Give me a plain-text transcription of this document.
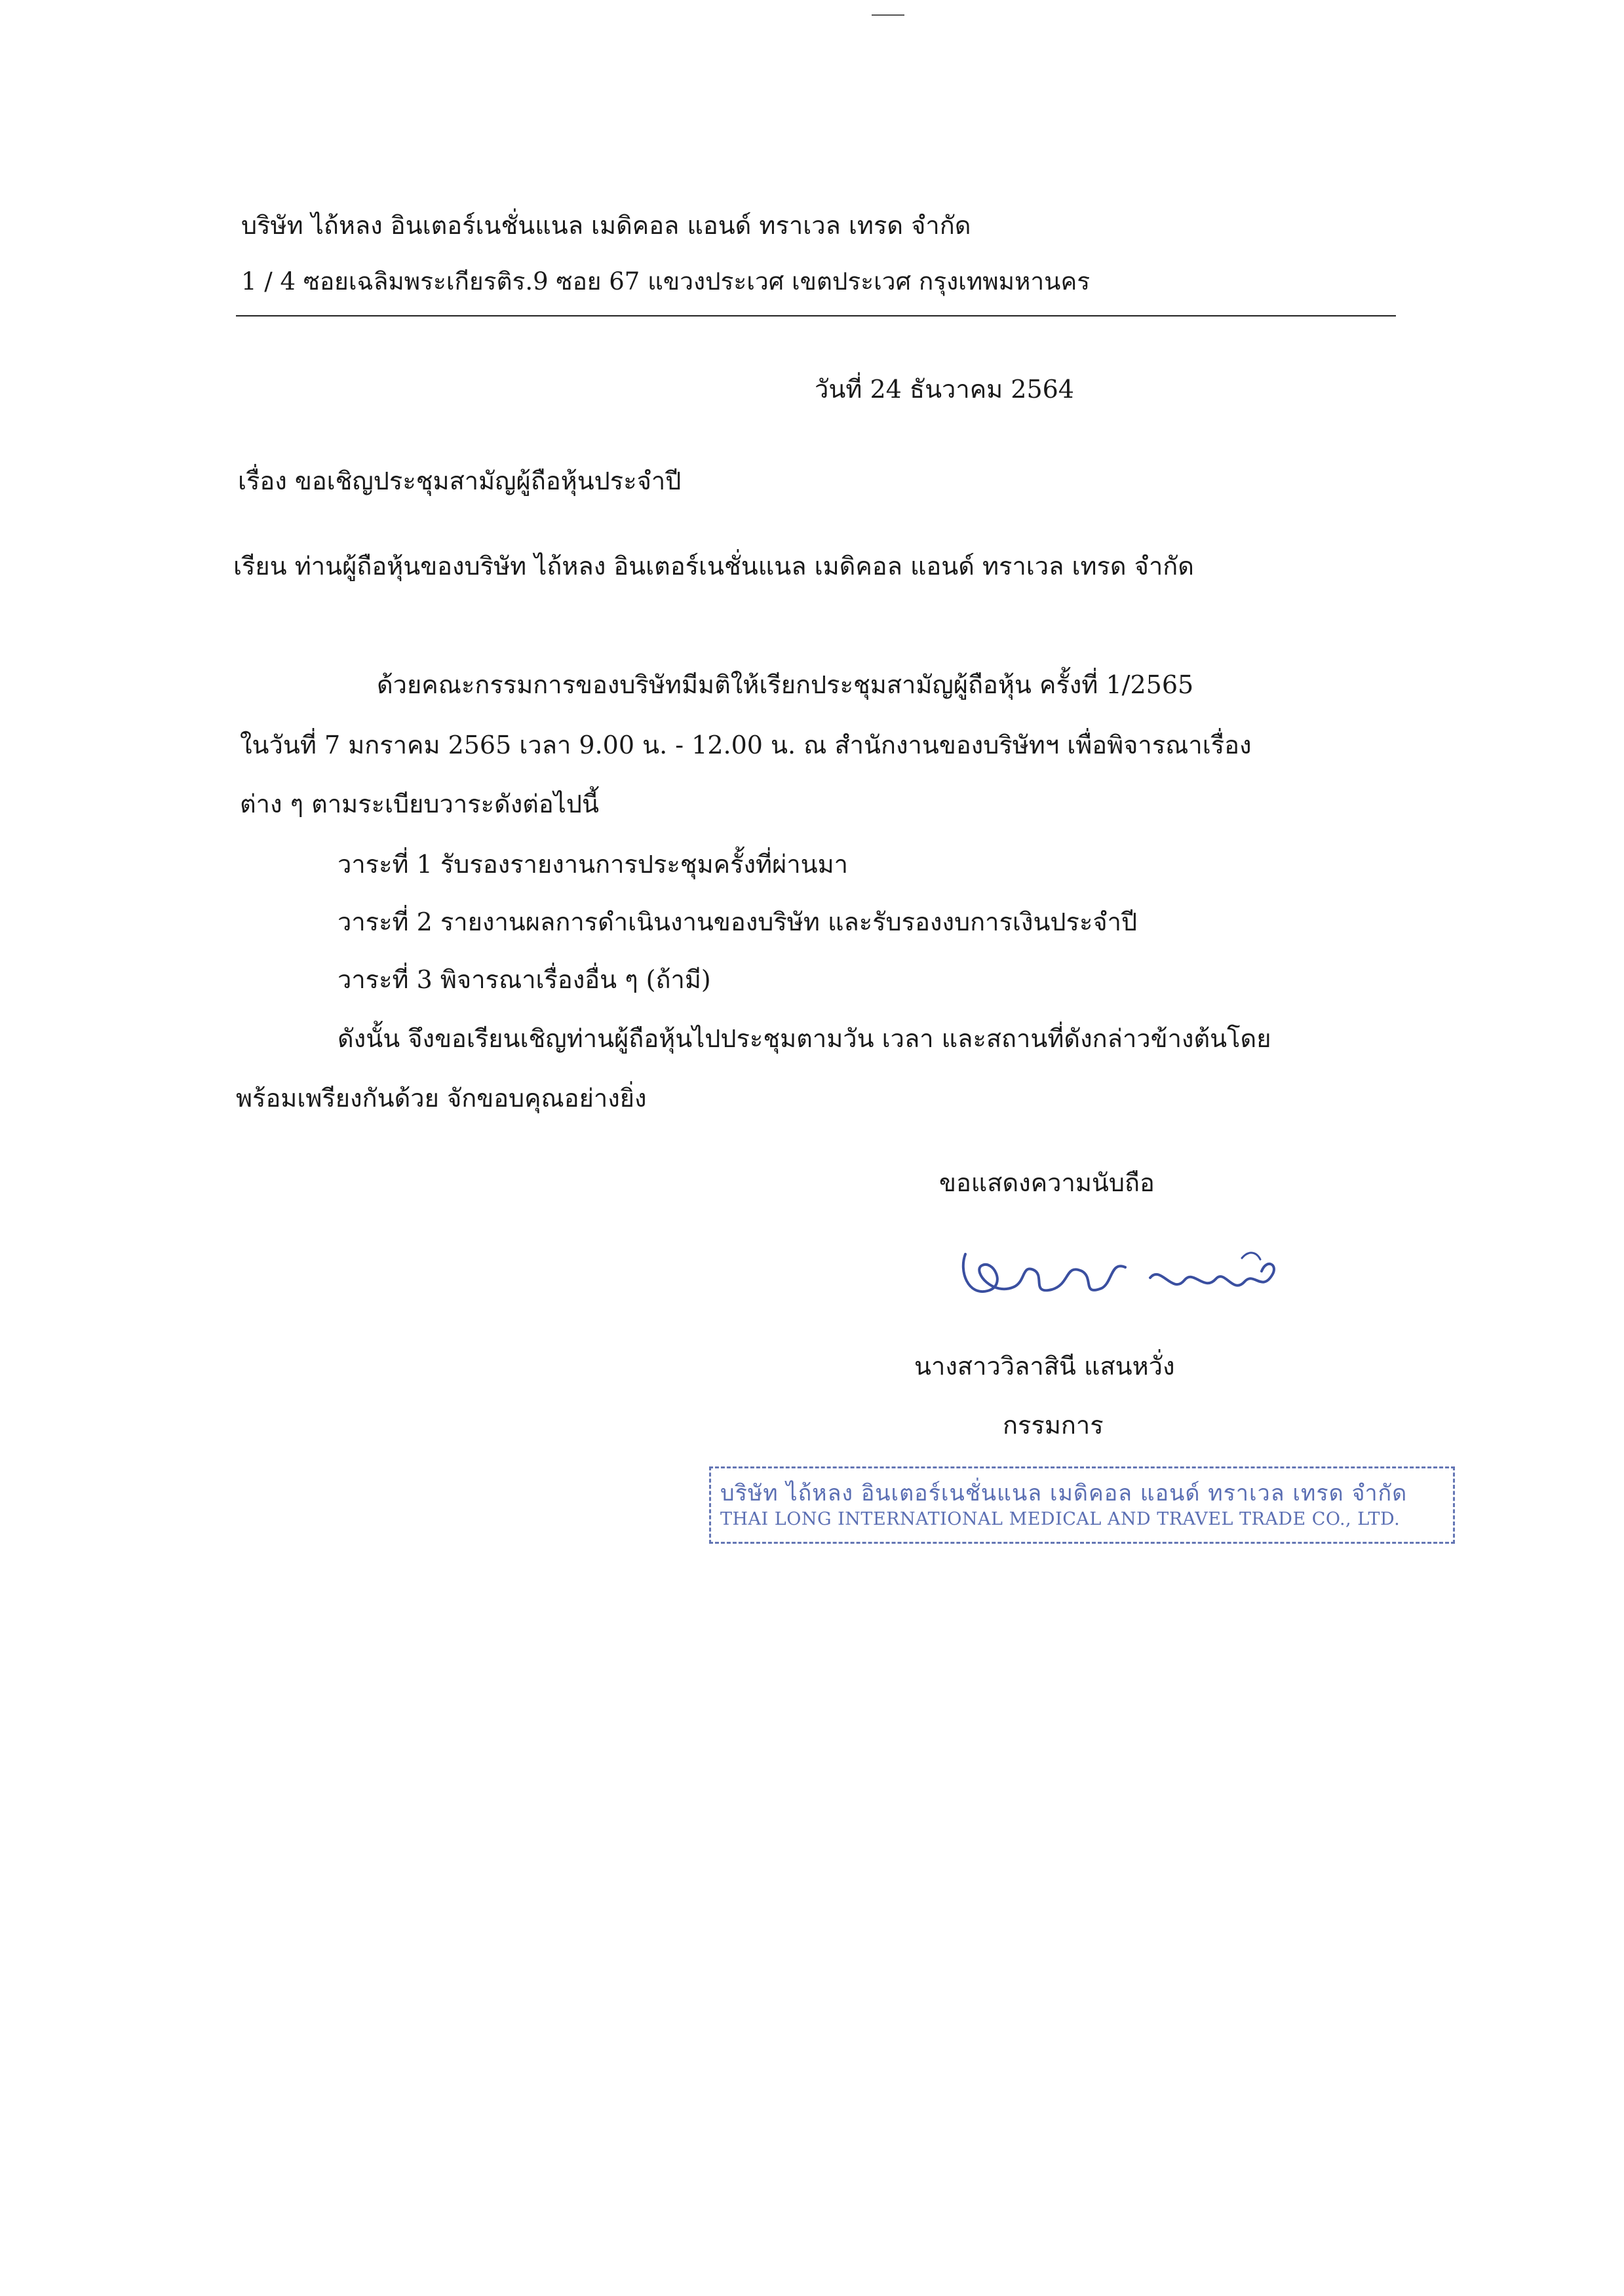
บริษัท ไถ้หลง อินเตอร์เนชั่นแนล เมดิคอล แอนด์ ทราเวล เทรด จำกัด
1 / 4 ซอยเฉลิมพระเกียรติร.9 ซอย 67 แขวงประเวศ เขตประเวศ กรุงเทพมหานคร
วันที่ 24 ธันวาคม 2564
เรื่อง ขอเชิญประชุมสามัญผู้ถือหุ้นประจำปี
เรียน ท่านผู้ถือหุ้นของบริษัท ไถ้หลง อินเตอร์เนชั่นแนล เมดิคอล แอนด์ ทราเวล เทรด จำกัด
ด้วยคณะกรรมการของบริษัทมีมติให้เรียกประชุมสามัญผู้ถือหุ้น ครั้งที่ 1/2565
ในวันที่ 7 มกราคม 2565 เวลา 9.00 น. - 12.00 น. ณ สำนักงานของบริษัทฯ เพื่อพิจารณาเรื่อง
ต่าง ๆ ตามระเบียบวาระดังต่อไปนี้
วาระที่ 1 รับรองรายงานการประชุมครั้งที่ผ่านมา
วาระที่ 2 รายงานผลการดำเนินงานของบริษัท และรับรองงบการเงินประจำปี
วาระที่ 3 พิจารณาเรื่องอื่น ๆ (ถ้ามี)
ดังนั้น จึงขอเรียนเชิญท่านผู้ถือหุ้นไปประชุมตามวัน เวลา และสถานที่ดังกล่าวข้างต้นโดย
พร้อมเพรียงกันด้วย จักขอบคุณอย่างยิ่ง
ขอแสดงความนับถือ
นางสาววิลาสินี แสนหวั่ง
กรรมการ
บริษัท ไถ้หลง อินเตอร์เนชั่นแนล เมดิคอล แอนด์ ทราเวล เทรด จำกัด
THAI LONG INTERNATIONAL MEDICAL AND TRAVEL TRADE CO., LTD.
